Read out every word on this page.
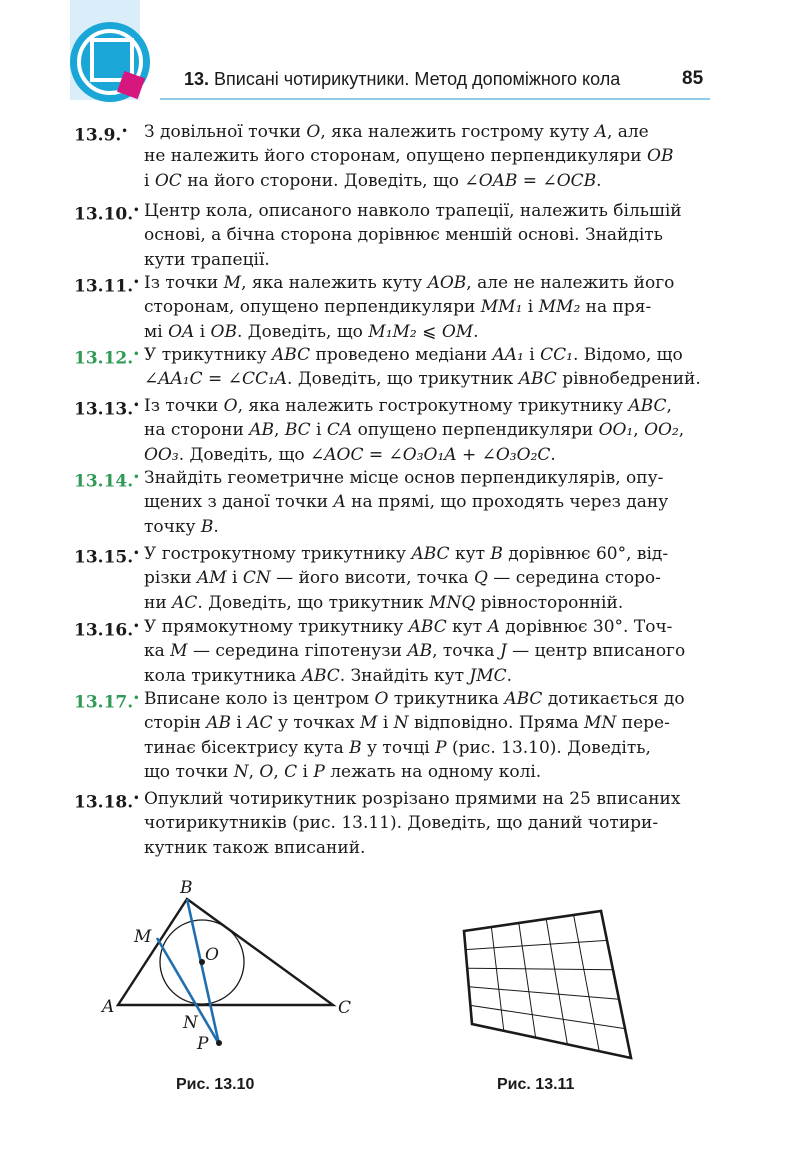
13. Вписані чотирикутники. Метод допоміжного кола	85
13.9.• З довільної точки O, яка належить гострому куту A, але
не належить його сторонам, опущено перпендикуляри OB
і OC на його сторони. Доведіть, що ∠OAB = ∠OCB.
13.10.• Центр кола, описаного навколо трапеції, належить більшій
основі, а бічна сторона дорівнює меншій основі. Знайдіть
кути трапеції.
13.11.• Із точки M, яка належить куту AOB, але не належить його
сторонам, опущено перпендикуляри MM₁ і MM₂ на пря-
мі OA і OB. Доведіть, що M₁M₂ ⩽ OM.
13.12.• У трикутнику ABC проведено медіани AA₁ і CC₁. Відомо, що
∠AA₁C = ∠CC₁A. Доведіть, що трикутник ABC рівнобедрений.
13.13.• Із точки O, яка належить гострокутному трикутнику ABC,
на сторони AB, BC і CA опущено перпендикуляри OO₁, OO₂,
OO₃. Доведіть, що ∠AOC = ∠O₃O₁A + ∠O₃O₂C.
13.14.• Знайдіть геометричне місце основ перпендикулярів, опу-
щених з даної точки A на прямі, що проходять через дану
точку B.
13.15.• У гострокутному трикутнику ABC кут B дорівнює 60°, від-
різки AM і CN — його висоти, точка Q — середина сторо-
ни AC. Доведіть, що трикутник MNQ рівносторонній.
13.16.• У прямокутному трикутнику ABC кут A дорівнює 30°. Точ-
ка M — середина гіпотенузи AB, точка J — центр вписаного
кола трикутника ABC. Знайдіть кут JMC.
13.17.• Вписане коло із центром O трикутника ABC дотикається до
сторін AB і AC у точках M і N відповідно. Пряма MN пере-
тинає бісектрису кута B у точці P (рис. 13.10). Доведіть,
що точки N, O, C і P лежать на одному колі.
13.18.• Опуклий чотирикутник розрізано прямими на 25 вписаних
чотирикутників (рис. 13.11). Доведіть, що даний чотири-
кутник також вписаний.
B
M
O
A	C
N
P
Рис. 13.10	Рис. 13.11
